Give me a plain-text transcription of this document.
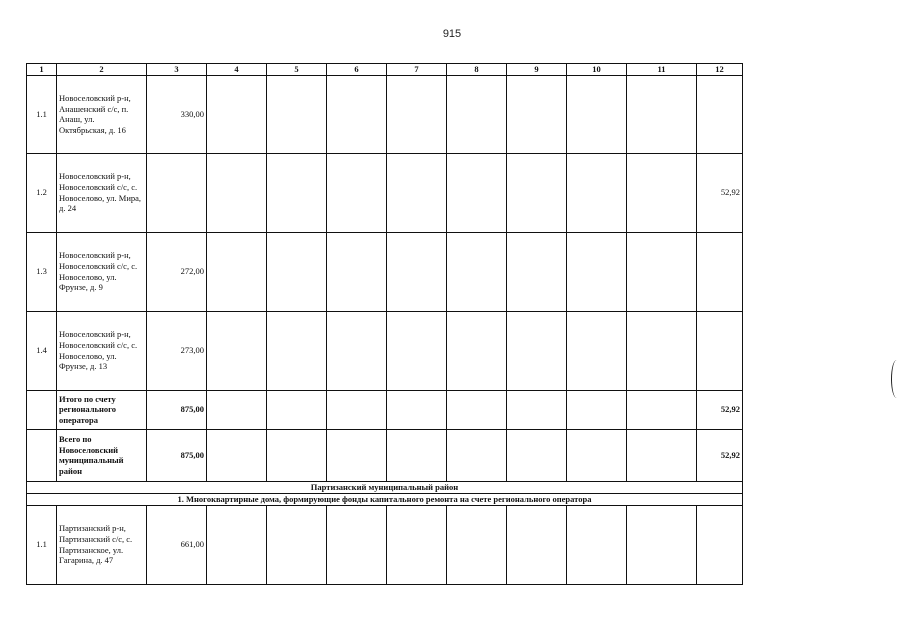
915
1	2	3	4	5	6	7	8	9	10	11	12
1.1	Новоселовский р-н, Анашенский с/с, п. Анаш, ул. Октябрьская, д. 16	330,00									
1.2	Новоселовский р-н, Новоселовский с/с, с. Новоселово, ул. Мира, д. 24										52,92
1.3	Новоселовский р-н, Новоселовский с/с, с. Новоселово, ул. Фрунзе, д. 9	272,00									
1.4	Новоселовский р-н, Новоселовский с/с, с. Новоселово, ул. Фрунзе, д. 13	273,00									
	Итого по счету регионального оператора	875,00									52,92
	Всего по Новоселовский муниципальный район	875,00									52,92
Партизанский муниципальный район											
1. Многоквартирные дома, формирующие фонды капитального ремонта на счете регионального оператора											
1.1	Партизанский р-н, Партизанский с/с, с. Партизанское, ул. Гагарина, д. 47	661,00									
